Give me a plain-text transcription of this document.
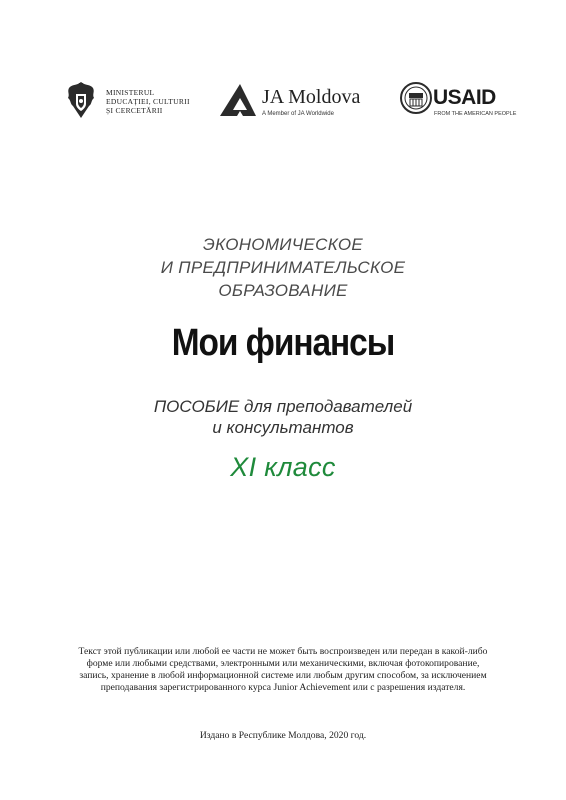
MINISTERUL
EDUCAȚIEI, CULTURII
ȘI CERCETĂRII
JA Moldova
A Member of JA Worldwide
USAID
FROM THE AMERICAN PEOPLE
ЭКОНОМИЧЕСКОЕ
И ПРЕДПРИНИМАТЕЛЬСКОЕ
ОБРАЗОВАНИЕ
Мои финансы
ПОСОБИЕ для преподавателей
и консультантов
XI класс
Текст этой публикации или любой ее части не может быть воспроизведен или передан в какой-либо
форме или любыми средствами, электронными или механическими, включая фотокопирование,
запись, хранение в любой информационной системе или любым другим способом, за исключением
преподавания зарегистрированного курса Junior Achievement или с разрешения издателя.
Издано в Республике Молдова, 2020 год.
